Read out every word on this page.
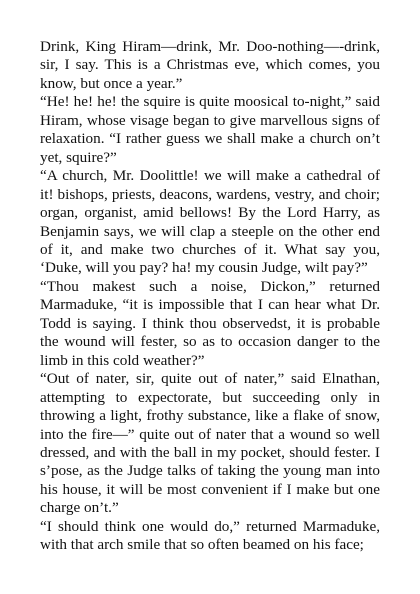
Drink, King Hiram—drink, Mr. Doo-nothing—-drink, sir, I say. This is a Christmas eve, which comes, you know, but once a year.”

“He! he! he! the squire is quite moosical to-night,” said Hiram, whose visage began to give marvellous signs of relaxation. “I rather guess we shall make a church on’t yet, squire?”

“A church, Mr. Doolittle! we will make a cathedral of it! bishops, priests, deacons, wardens, vestry, and choir; organ, organist, amid bellows! By the Lord Harry, as Benjamin says, we will clap a steeple on the other end of it, and make two churches of it. What say you, ‘Duke, will you pay? ha! my cousin Judge, wilt pay?”

“Thou makest such a noise, Dickon,” returned Marmaduke, “it is impossible that I can hear what Dr. Todd is saying. I think thou observedst, it is probable the wound will fester, so as to occasion danger to the limb in this cold weather?”

“Out of nater, sir, quite out of nater,” said Elnathan, attempting to expectorate, but succeeding only in throwing a light, frothy substance, like a flake of snow, into the fire—” quite out of nater that a wound so well dressed, and with the ball in my pocket, should fester. I s’pose, as the Judge talks of taking the young man into his house, it will be most convenient if I make but one charge on’t.”

“I should think one would do,” returned Marmaduke, with that arch smile that so often beamed on his face;
